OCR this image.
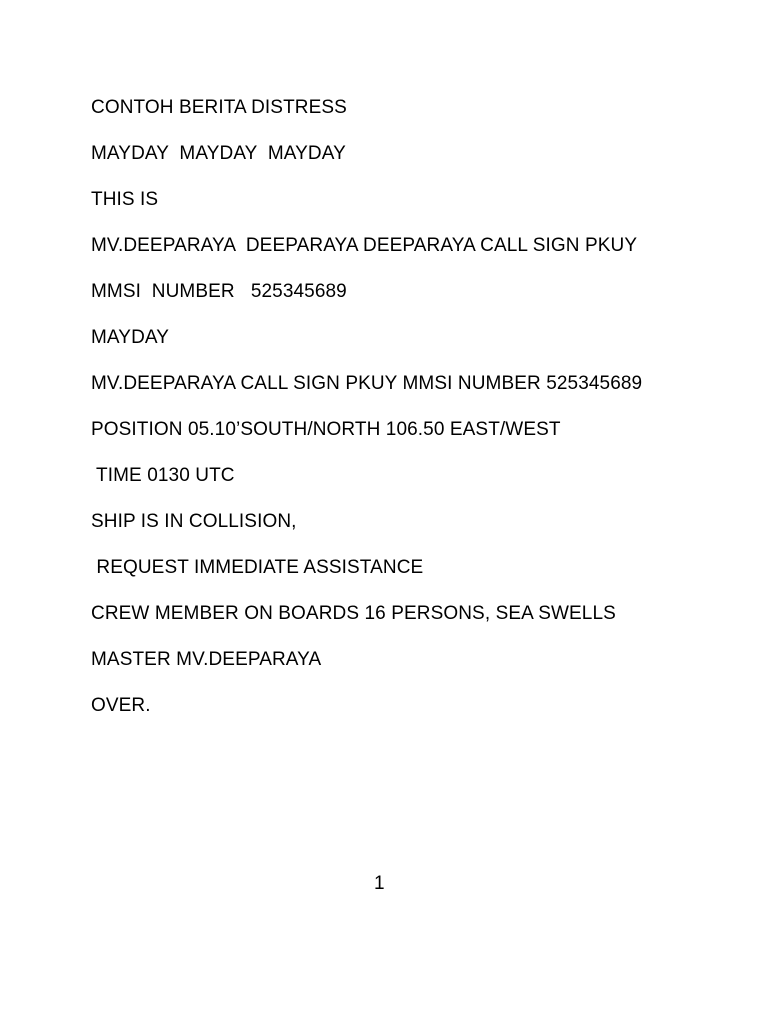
CONTOH BERITA DISTRESS
MAYDAY  MAYDAY  MAYDAY
THIS IS
MV.DEEPARAYA  DEEPARAYA DEEPARAYA CALL SIGN PKUY
MMSI  NUMBER   525345689
MAYDAY
MV.DEEPARAYA CALL SIGN PKUY MMSI NUMBER 525345689
POSITION 05.10’SOUTH/NORTH 106.50 EAST/WEST
TIME 0130 UTC
SHIP IS IN COLLISION,
REQUEST IMMEDIATE ASSISTANCE
CREW MEMBER ON BOARDS 16 PERSONS, SEA SWELLS
MASTER MV.DEEPARAYA
OVER.
1
